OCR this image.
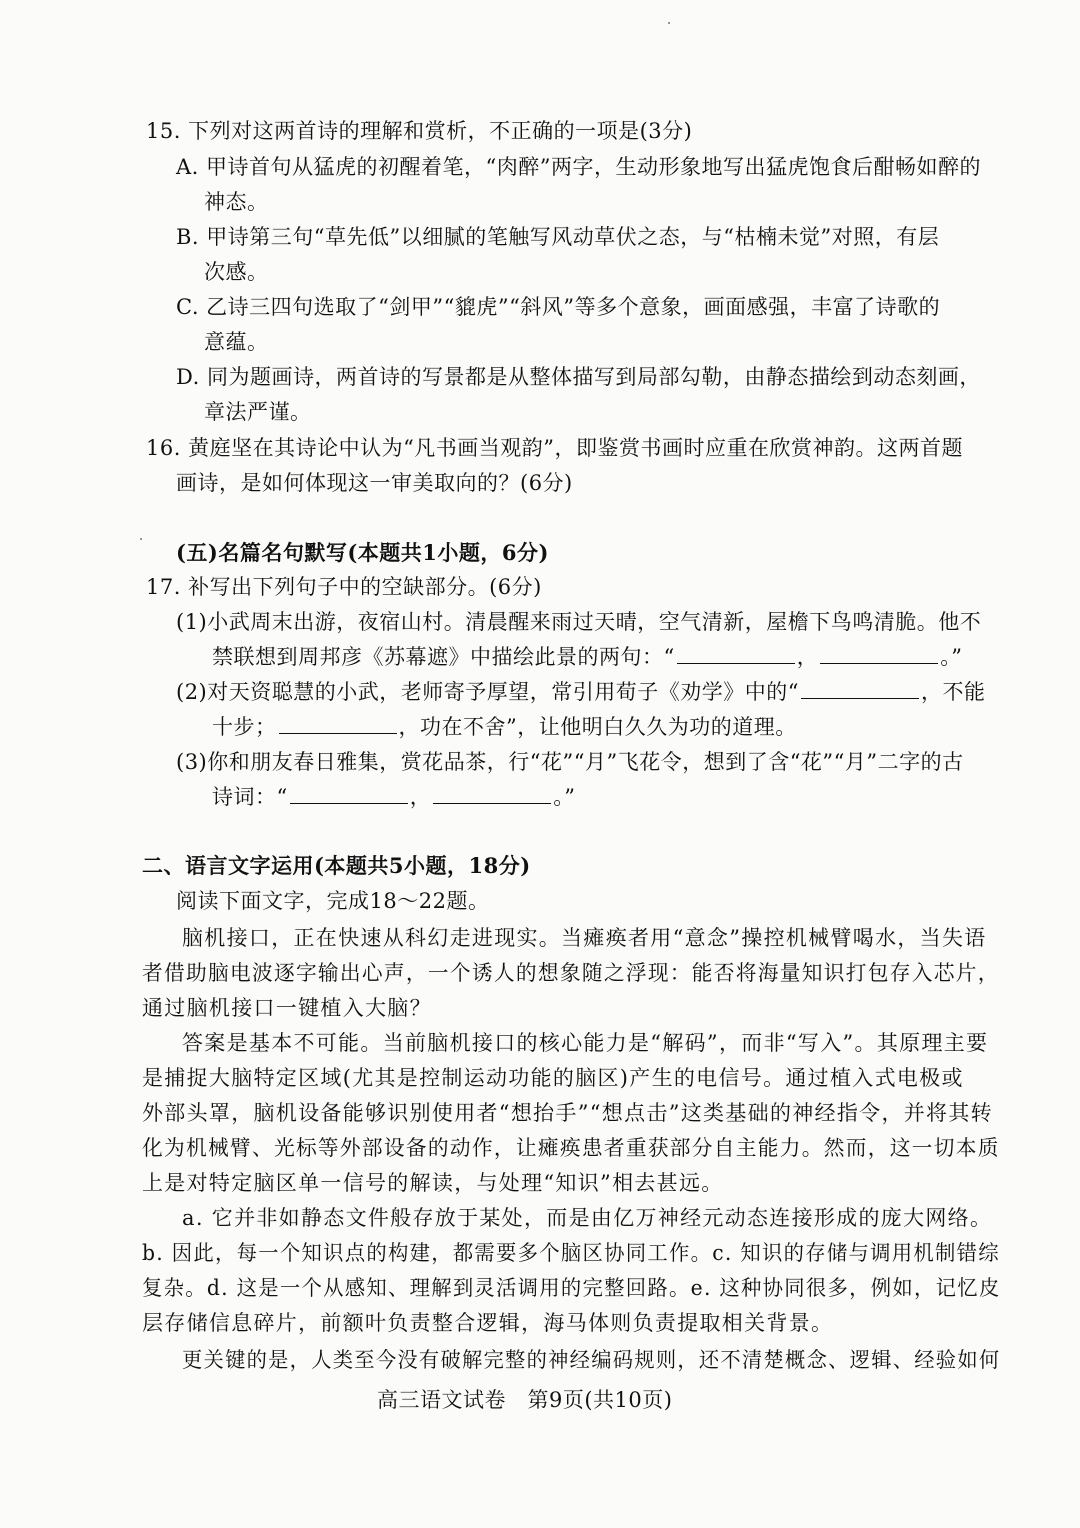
15. 下列对这两首诗的理解和赏析，不正确的一项是(3分)
A. 甲诗首句从猛虎的初醒着笔，“肉醉”两字，生动形象地写出猛虎饱食后酣畅如醉的
神态。
B. 甲诗第三句“草先低”以细腻的笔触写风动草伏之态，与“枯楠未觉”对照，有层
次感。
C. 乙诗三四句选取了“剑甲”“貔虎”“斜风”等多个意象，画面感强，丰富了诗歌的
意蕴。
D. 同为题画诗，两首诗的写景都是从整体描写到局部勾勒，由静态描绘到动态刻画，
章法严谨。
16. 黄庭坚在其诗论中认为“凡书画当观韵”，即鉴赏书画时应重在欣赏神韵。这两首题
画诗，是如何体现这一审美取向的？(6分)
(五)名篇名句默写(本题共1小题，6分)
17. 补写出下列句子中的空缺部分。(6分)
(1)小武周末出游，夜宿山村。清晨醒来雨过天晴，空气清新，屋檐下鸟鸣清脆。他不
禁联想到周邦彦《苏幕遮》中描绘此景的两句：“	，	。”
(2)对天资聪慧的小武，老师寄予厚望，常引用荀子《劝学》中的“	，不能
十步；	，功在不舍”，让他明白久久为功的道理。
(3)你和朋友春日雅集，赏花品茶，行“花”“月”飞花令，想到了含“花”“月”二字的古
诗词：“	，	。”
二、语言文字运用(本题共5小题，18分)
阅读下面文字，完成18～22题。
脑机接口，正在快速从科幻走进现实。当瘫痪者用“意念”操控机械臂喝水，当失语
者借助脑电波逐字输出心声，一个诱人的想象随之浮现：能否将海量知识打包存入芯片，
通过脑机接口一键植入大脑？
答案是基本不可能。当前脑机接口的核心能力是“解码”，而非“写入”。其原理主要
是捕捉大脑特定区域(尤其是控制运动功能的脑区)产生的电信号。通过植入式电极或
外部头罩，脑机设备能够识别使用者“想抬手”“想点击”这类基础的神经指令，并将其转
化为机械臂、光标等外部设备的动作，让瘫痪患者重获部分自主能力。然而，这一切本质
上是对特定脑区单一信号的解读，与处理“知识”相去甚远。
a. 它并非如静态文件般存放于某处，而是由亿万神经元动态连接形成的庞大网络。
b. 因此，每一个知识点的构建，都需要多个脑区协同工作。c. 知识的存储与调用机制错综
复杂。d. 这是一个从感知、理解到灵活调用的完整回路。e. 这种协同很多，例如，记忆皮
层存储信息碎片，前额叶负责整合逻辑，海马体则负责提取相关背景。
更关键的是，人类至今没有破解完整的神经编码规则，还不清楚概念、逻辑、经验如何
高三语文试卷　第9页(共10页)
